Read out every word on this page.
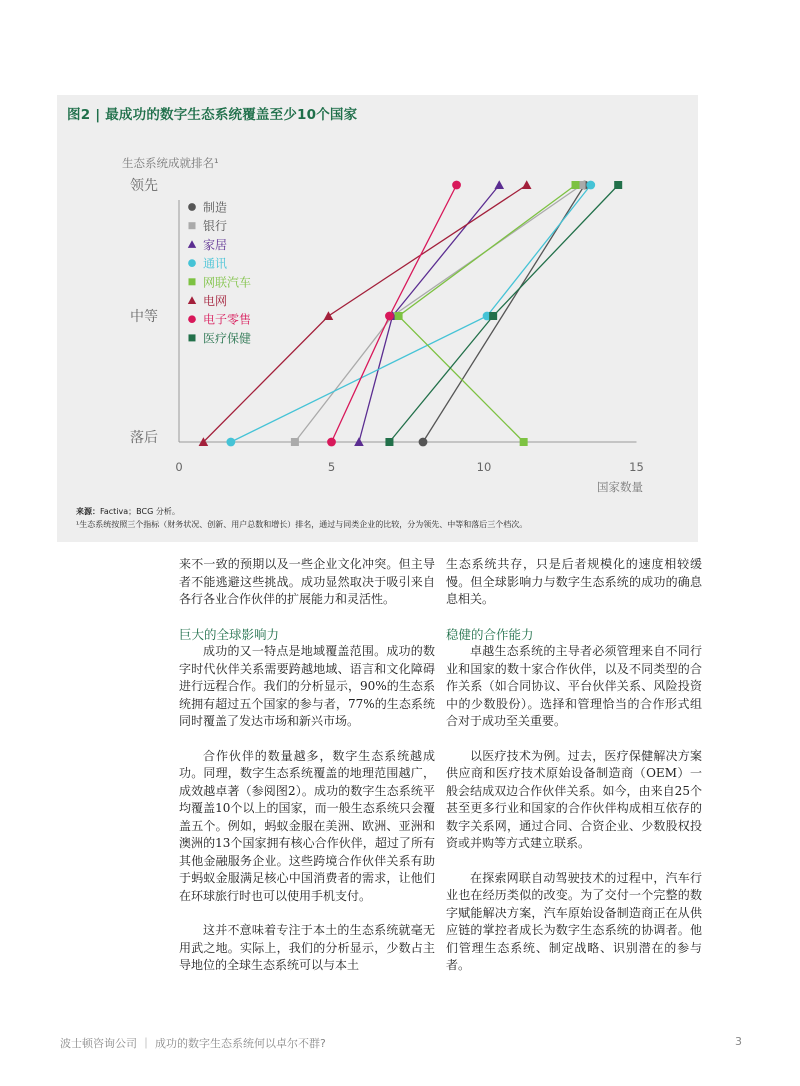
图2 | 最成功的数字生态系统覆盖至少10个国家
制造
银行
家居
通讯
网联汽车
电网
电子零售
医疗保健
0	5	10	15
领先
中等
落后
生态系统成就排名¹
国家数量
来源：Factiva；BCG 分析。
¹生态系统按照三个指标（财务状况、创新、用户总数和增长）排名，通过与同类企业的比较，分为领先、中等和落后三个档次。

来不一致的预期以及一些企业文化冲突。但主导者不能逃避这些挑战。成功显然取决于吸引来自各行各业合作伙伴的扩展能力和灵活性。

巨大的全球影响力

成功的又一特点是地域覆盖范围。成功的数字时代伙伴关系需要跨越地域、语言和文化障碍进行远程合作。我们的分析显示，90%的生态系统拥有超过五个国家的参与者，77%的生态系统同时覆盖了发达市场和新兴市场。

合作伙伴的数量越多，数字生态系统越成功。同理，数字生态系统覆盖的地理范围越广，成效越卓著（参阅图2）。成功的数字生态系统平均覆盖10个以上的国家，而一般生态系统只会覆盖五个。例如，蚂蚁金服在美洲、欧洲、亚洲和澳洲的13个国家拥有核心合作伙伴，超过了所有其他金融服务企业。这些跨境合作伙伴关系有助于蚂蚁金服满足核心中国消费者的需求，让他们在环球旅行时也可以使用手机支付。

这并不意味着专注于本土的生态系统就毫无用武之地。实际上，我们的分析显示，少数占主导地位的全球生态系统可以与本土

生态系统共存，只是后者规模化的速度相较缓慢。但全球影响力与数字生态系统的成功的确息息相关。

稳健的合作能力

卓越生态系统的主导者必须管理来自不同行业和国家的数十家合作伙伴，以及不同类型的合作关系（如合同协议、平台伙伴关系、风险投资中的少数股份）。选择和管理恰当的合作形式组合对于成功至关重要。

以医疗技术为例。过去，医疗保健解决方案供应商和医疗技术原始设备制造商（OEM）一般会结成双边合作伙伴关系。如今，由来自25个甚至更多行业和国家的合作伙伴构成相互依存的数字关系网，通过合同、合资企业、少数股权投资或并购等方式建立联系。

在探索网联自动驾驶技术的过程中，汽车行业也在经历类似的改变。为了交付一个完整的数字赋能解决方案，汽车原始设备制造商正在从供应链的掌控者成长为数字生态系统的协调者。他们管理生态系统、制定战略、识别潜在的参与者。

波士顿咨询公司 ｜ 成功的数字生态系统何以卓尔不群?	3
